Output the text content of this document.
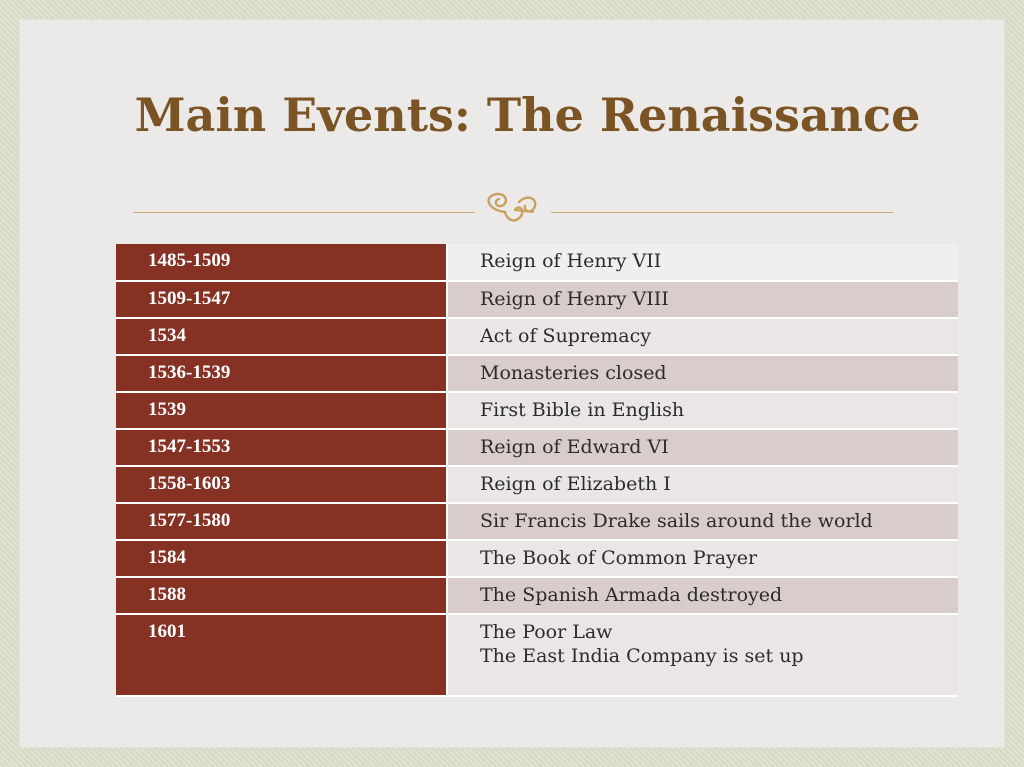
Main Events: The Renaissance
1485-1509	Reign of Henry VII

1509-1547	Reign of Henry VIII

1534	Act of Supremacy

1536-1539	Monasteries closed

1539	First Bible in English

1547-1553	Reign of Edward VI

1558-1603	Reign of Elizabeth I

1577-1580	Sir Francis Drake sails around the world

1584	The Book of Common Prayer

1588	The Spanish Armada destroyed

1601	The Poor Law
The East India Company is set up
